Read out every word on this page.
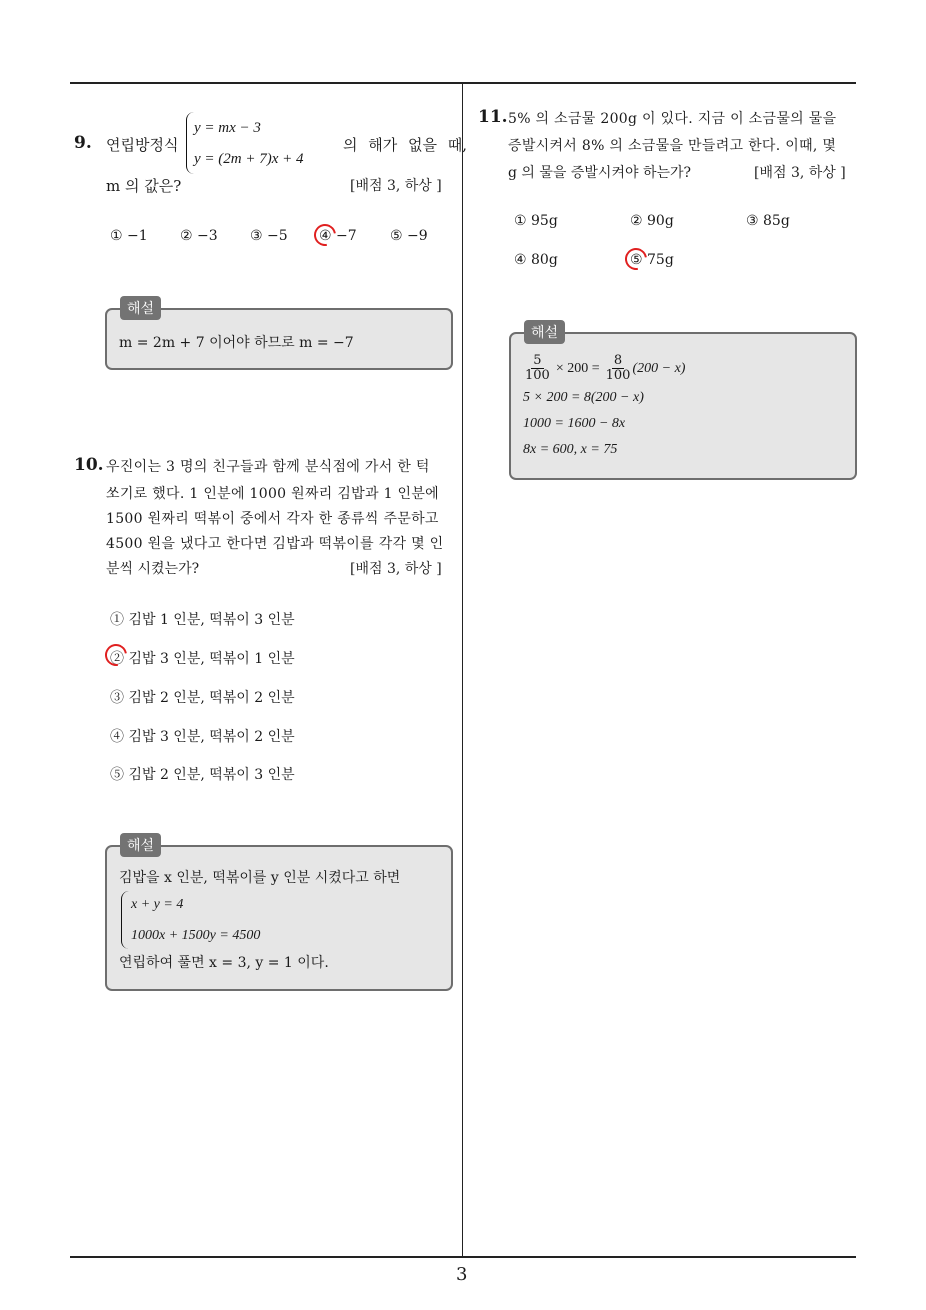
3
9. 연립방정식
y = mx − 3
y = (2m + 7)x + 4
의 해가 없을 때,
m 의 값은?	[배점 3, 하상 ]
① −1 ② −3 ③ −5 ④ −7 ⑤ −9
m = 2m + 7 이어야 하므로 m = −7
해설
10. 우진이는 3 명의 친구들과 함께 분식점에 가서 한 턱
쏘기로 했다. 1 인분에 1000 원짜리 김밥과 1 인분에
1500 원짜리 떡볶이 중에서 각자 한 종류씩 주문하고
4500 원을 냈다고 한다면 김밥과 떡볶이를 각각 몇 인
분씩 시켰는가?	[배점 3, 하상 ]
① 김밥 1 인분, 떡볶이 3 인분
② 김밥 3 인분, 떡볶이 1 인분
③ 김밥 2 인분, 떡볶이 2 인분
④ 김밥 3 인분, 떡볶이 2 인분
⑤ 김밥 2 인분, 떡볶이 3 인분
김밥을 x 인분, 떡볶이를 y 인분 시켰다고 하면
x + y = 4
1000x + 1500y = 4500
연립하여 풀면 x = 3, y = 1 이다.
해설
11. 5% 의 소금물 200g 이 있다. 지금 이 소금물의 물을
증발시켜서 8% 의 소금물을 만들려고 한다. 이때, 몇
g 의 물을 증발시켜야 하는가?	[배점 3, 하상 ]
① 95g	② 90g	③ 85g
④ 80g	⑤ 75g
$\frac{5}{100} \times 200 = \frac{8}{100} (200 - x)$
5 × 200 = 8(200 − x)
1000 = 1600 − 8x
8x = 600, x = 75
해설
